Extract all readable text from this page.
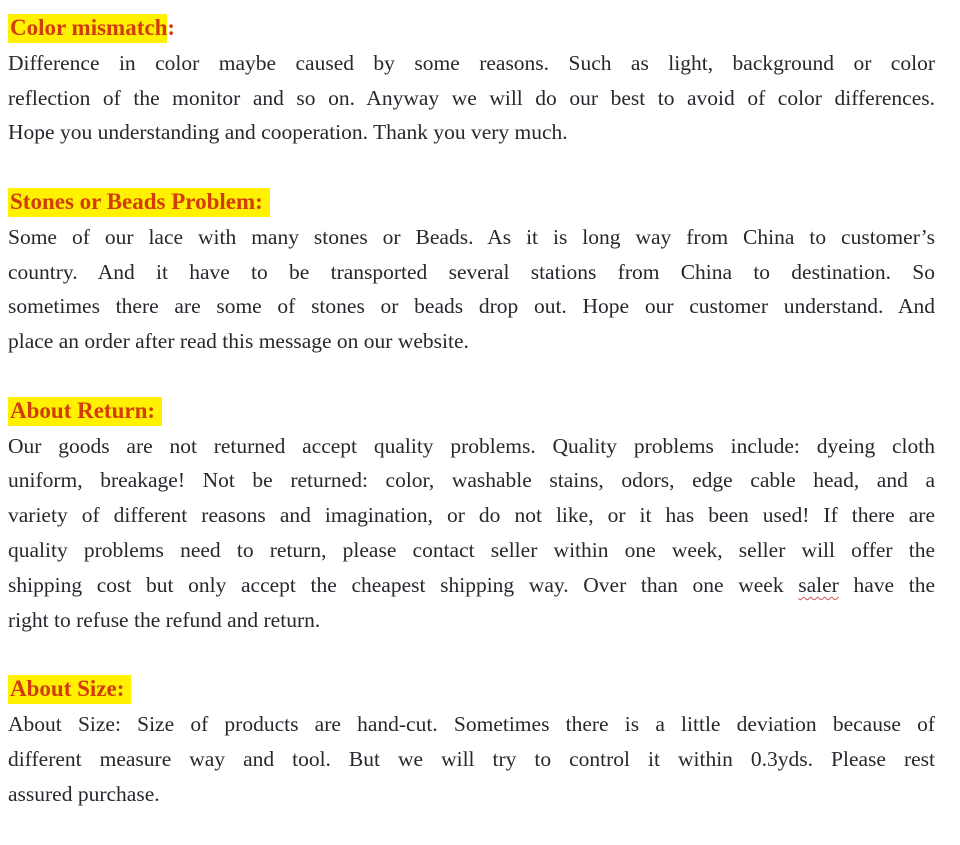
Color mismatch:
Difference in color maybe caused by some reasons. Such as light, background or color
reflection of the monitor and so on. Anyway we will do our best to avoid of color differences.
Hope you understanding and cooperation. Thank you very much.
Stones or Beads Problem:
Some of our lace with many stones or Beads. As it is long way from China to customer’s
country. And it have to be transported several stations from China to destination. So
sometimes there are some of stones or beads drop out. Hope our customer understand. And
place an order after read this message on our website.
About Return:
Our goods are not returned accept quality problems. Quality problems include: dyeing cloth
uniform, breakage! Not be returned: color, washable stains, odors, edge cable head, and a
variety of different reasons and imagination, or do not like, or it has been used! If there are
quality problems need to return, please contact seller within one week, seller will offer the
shipping cost but only accept the cheapest shipping way. Over than one week saler have the
right to refuse the refund and return.
About Size:
About Size: Size of products are hand-cut. Sometimes there is a little deviation because of
different measure way and tool. But we will try to control it within 0.3yds. Please rest
assured purchase.
